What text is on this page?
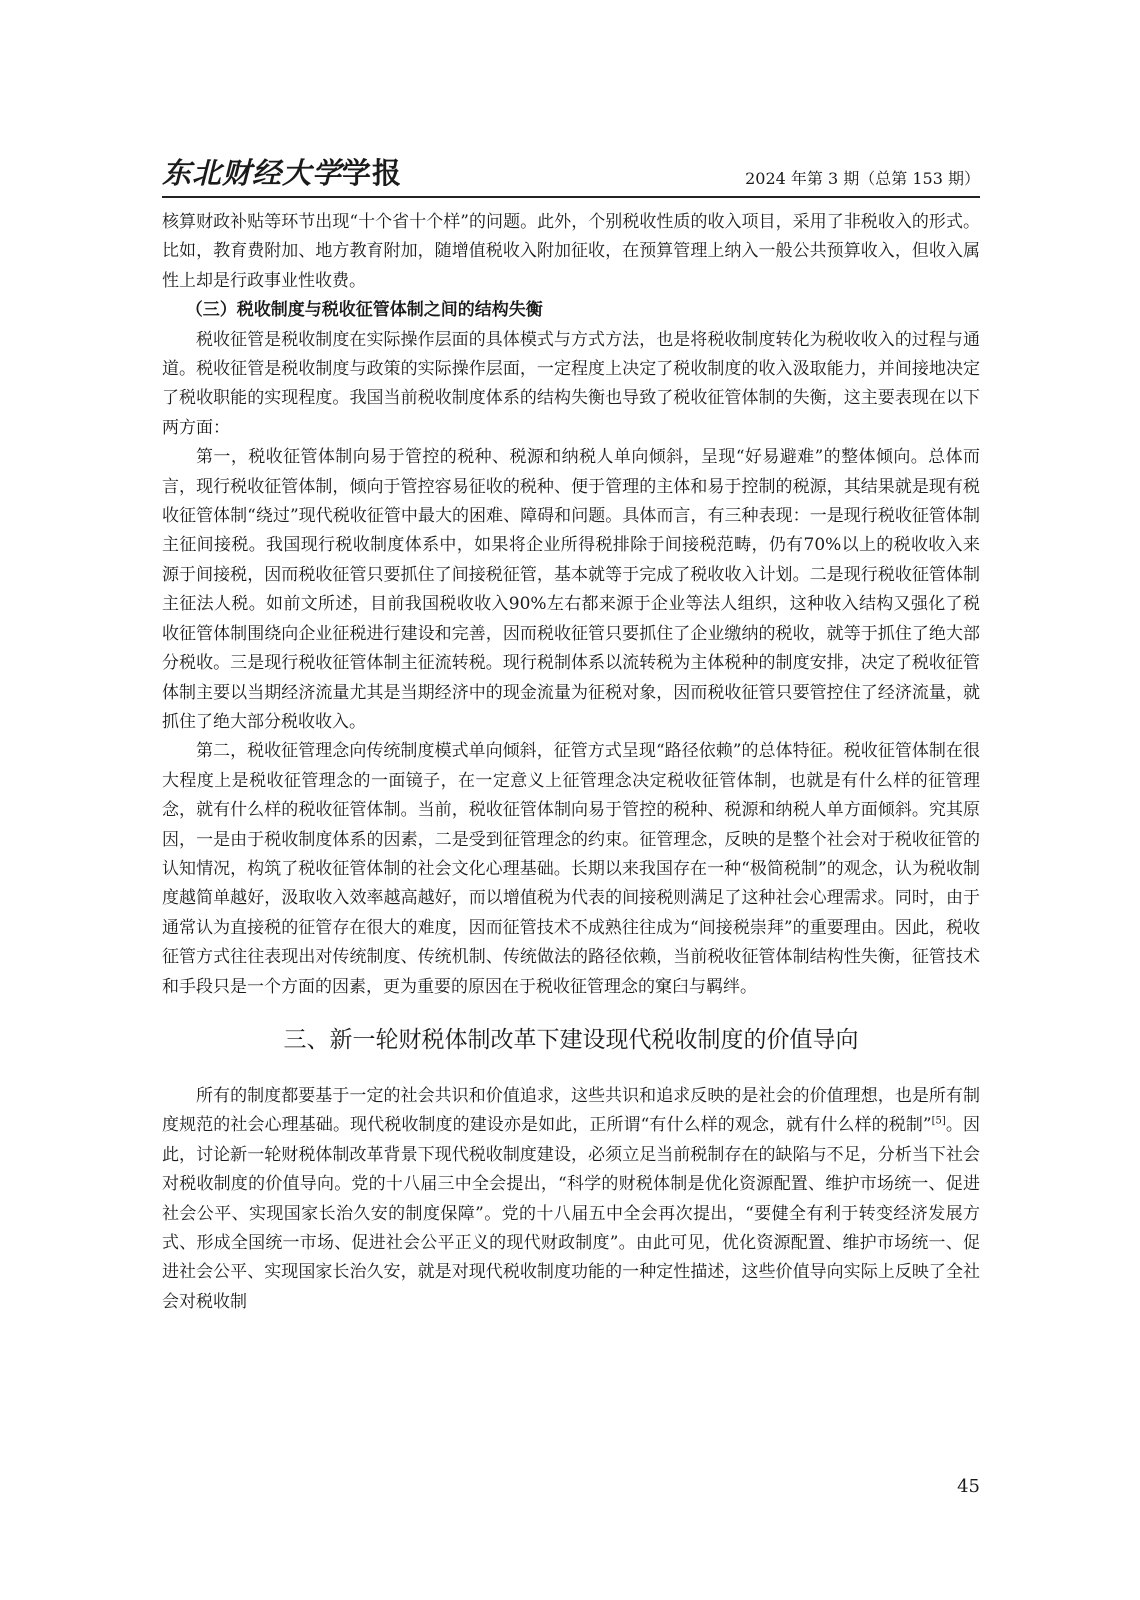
东北财经大学学报	2024 年第 3 期（总第 153 期）

核算财政补贴等环节出现“十个省十个样”的问题。此外，个别税收性质的收入项目，采用了非税收入的形式。比如，教育费附加、地方教育附加，随增值税收入附加征收，在预算管理上纳入一般公共预算收入，但收入属性上却是行政事业性收费。

（三）税收制度与税收征管体制之间的结构失衡

税收征管是税收制度在实际操作层面的具体模式与方式方法，也是将税收制度转化为税收收入的过程与通道。税收征管是税收制度与政策的实际操作层面，一定程度上决定了税收制度的收入汲取能力，并间接地决定了税收职能的实现程度。我国当前税收制度体系的结构失衡也导致了税收征管体制的失衡，这主要表现在以下两方面：

第一，税收征管体制向易于管控的税种、税源和纳税人单向倾斜，呈现“好易避难”的整体倾向。总体而言，现行税收征管体制，倾向于管控容易征收的税种、便于管理的主体和易于控制的税源，其结果就是现有税收征管体制“绕过”现代税收征管中最大的困难、障碍和问题。具体而言，有三种表现：一是现行税收征管体制主征间接税。我国现行税收制度体系中，如果将企业所得税排除于间接税范畴，仍有70%以上的税收收入来源于间接税，因而税收征管只要抓住了间接税征管，基本就等于完成了税收收入计划。二是现行税收征管体制主征法人税。如前文所述，目前我国税收收入90%左右都来源于企业等法人组织，这种收入结构又强化了税收征管体制围绕向企业征税进行建设和完善，因而税收征管只要抓住了企业缴纳的税收，就等于抓住了绝大部分税收。三是现行税收征管体制主征流转税。现行税制体系以流转税为主体税种的制度安排，决定了税收征管体制主要以当期经济流量尤其是当期经济中的现金流量为征税对象，因而税收征管只要管控住了经济流量，就抓住了绝大部分税收收入。

第二，税收征管理念向传统制度模式单向倾斜，征管方式呈现“路径依赖”的总体特征。税收征管体制在很大程度上是税收征管理念的一面镜子，在一定意义上征管理念决定税收征管体制，也就是有什么样的征管理念，就有什么样的税收征管体制。当前，税收征管体制向易于管控的税种、税源和纳税人单方面倾斜。究其原因，一是由于税收制度体系的因素，二是受到征管理念的约束。征管理念，反映的是整个社会对于税收征管的认知情况，构筑了税收征管体制的社会文化心理基础。长期以来我国存在一种“极简税制”的观念，认为税收制度越简单越好，汲取收入效率越高越好，而以增值税为代表的间接税则满足了这种社会心理需求。同时，由于通常认为直接税的征管存在很大的难度，因而征管技术不成熟往往成为“间接税崇拜”的重要理由。因此，税收征管方式往往表现出对传统制度、传统机制、传统做法的路径依赖，当前税收征管体制结构性失衡，征管技术和手段只是一个方面的因素，更为重要的原因在于税收征管理念的窠臼与羁绊。

三、新一轮财税体制改革下建设现代税收制度的价值导向

所有的制度都要基于一定的社会共识和价值追求，这些共识和追求反映的是社会的价值理想，也是所有制度规范的社会心理基础。现代税收制度的建设亦是如此，正所谓“有什么样的观念，就有什么样的税制”[5]。因此，讨论新一轮财税体制改革背景下现代税收制度建设，必须立足当前税制存在的缺陷与不足，分析当下社会对税收制度的价值导向。党的十八届三中全会提出，“科学的财税体制是优化资源配置、维护市场统一、促进社会公平、实现国家长治久安的制度保障”。党的十八届五中全会再次提出，“要健全有利于转变经济发展方式、形成全国统一市场、促进社会公平正义的现代财政制度”。由此可见，优化资源配置、维护市场统一、促进社会公平、实现国家长治久安，就是对现代税收制度功能的一种定性描述，这些价值导向实际上反映了全社会对税收制

45
